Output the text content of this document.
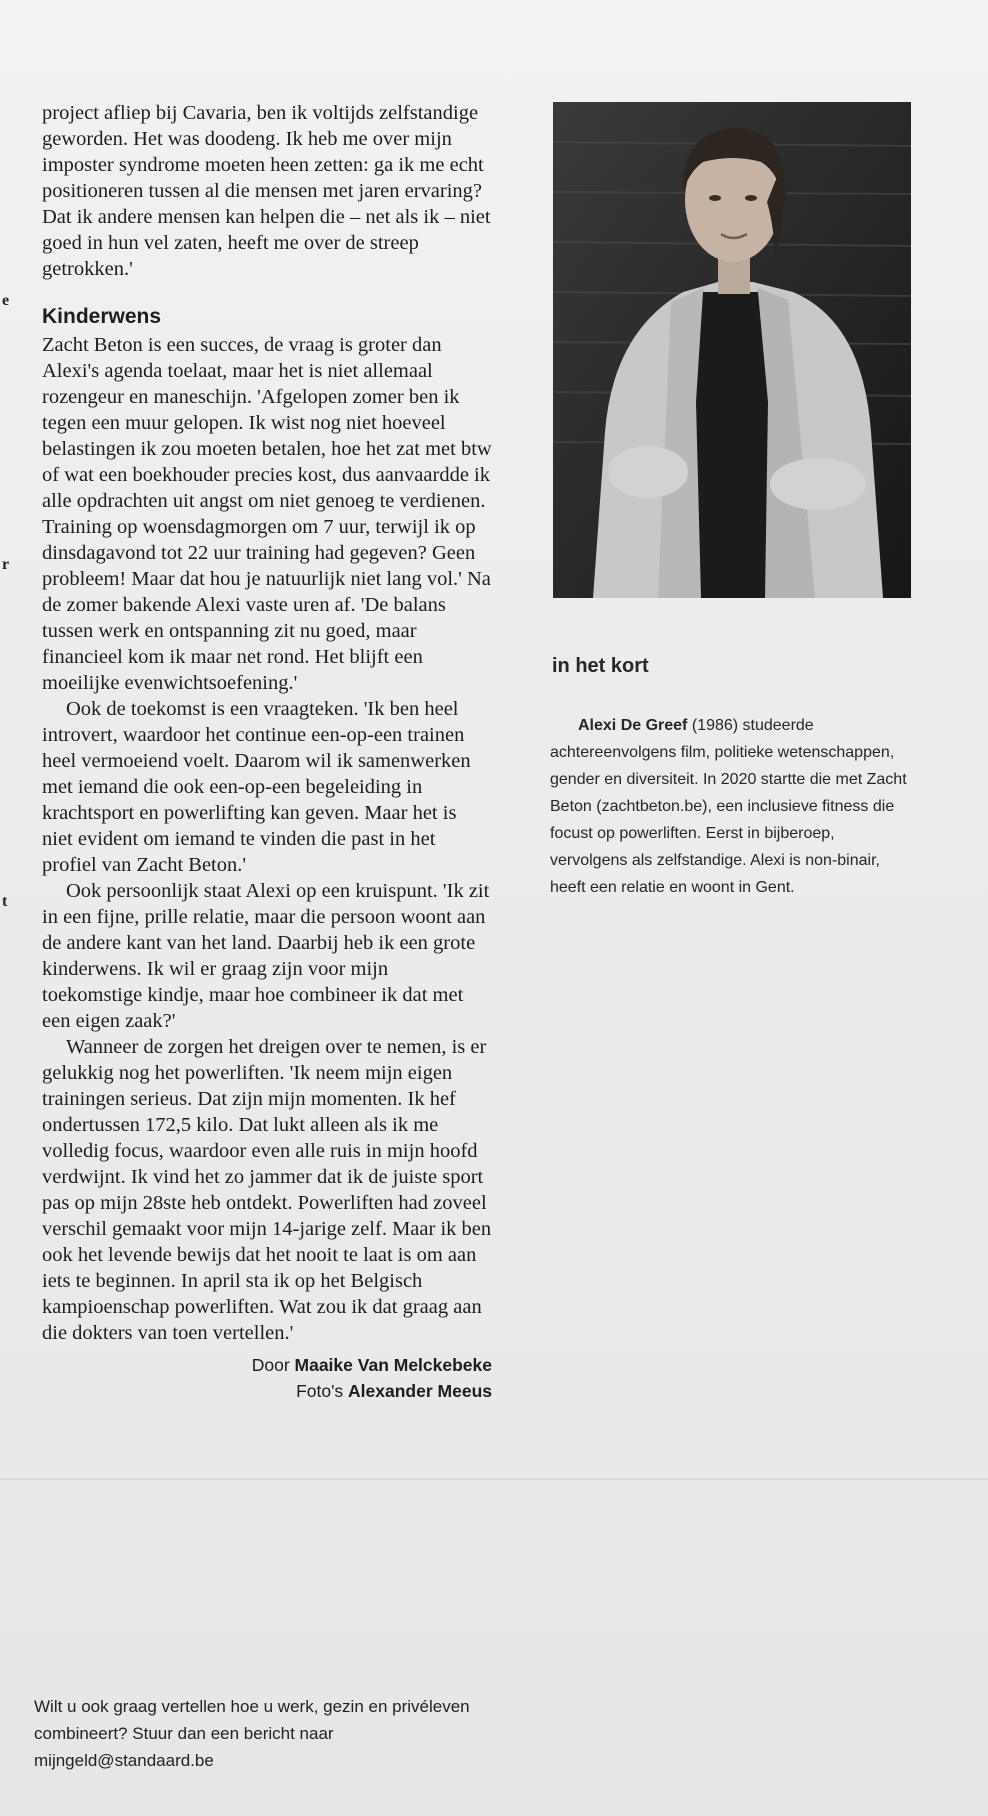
e
r
t

project afliep bij Cavaria, ben ik voltijds zelfstandige geworden. Het was doodeng. Ik heb me over mijn imposter syndrome moeten heen zetten: ga ik me echt positioneren tussen al die mensen met jaren ervaring? Dat ik andere mensen kan helpen die – net als ik – niet goed in hun vel zaten, heeft me over de streep getrokken.'

Kinderwens

Zacht Beton is een succes, de vraag is groter dan Alexi's agenda toelaat, maar het is niet allemaal rozengeur en maneschijn. 'Afgelopen zomer ben ik tegen een muur gelopen. Ik wist nog niet hoeveel belastingen ik zou moeten betalen, hoe het zat met btw of wat een boekhouder precies kost, dus aanvaardde ik alle opdrachten uit angst om niet genoeg te verdienen. Training op woensdagmorgen om 7 uur, terwijl ik op dinsdagavond tot 22 uur training had gegeven? Geen probleem! Maar dat hou je natuurlijk niet lang vol.' Na de zomer bakende Alexi vaste uren af. 'De balans tussen werk en ontspanning zit nu goed, maar financieel kom ik maar net rond. Het blijft een moeilijke evenwichtsoefening.'

Ook de toekomst is een vraagteken. 'Ik ben heel introvert, waardoor het continue een-op-een trainen heel vermoeiend voelt. Daarom wil ik samenwerken met iemand die ook een-op-een begeleiding in krachtsport en powerlifting kan geven. Maar het is niet evident om iemand te vinden die past in het profiel van Zacht Beton.'

Ook persoonlijk staat Alexi op een kruispunt. 'Ik zit in een fijne, prille relatie, maar die persoon woont aan de andere kant van het land. Daarbij heb ik een grote kinderwens. Ik wil er graag zijn voor mijn toekomstige kindje, maar hoe combineer ik dat met een eigen zaak?'

Wanneer de zorgen het dreigen over te nemen, is er gelukkig nog het powerliften. 'Ik neem mijn eigen trainingen serieus. Dat zijn mijn momenten. Ik hef ondertussen 172,5 kilo. Dat lukt alleen als ik me volledig focus, waardoor even alle ruis in mijn hoofd verdwijnt. Ik vind het zo jammer dat ik de juiste sport pas op mijn 28ste heb ontdekt. Powerliften had zoveel verschil gemaakt voor mijn 14-jarige zelf. Maar ik ben ook het levende bewijs dat het nooit te laat is om aan iets te beginnen. In april sta ik op het Belgisch kampioenschap powerliften. Wat zou ik dat graag aan die dokters van toen vertellen.'

Door Maaike Van Melckebeke
Foto's Alexander Meeus
Wilt u ook graag vertellen hoe u werk, gezin en privéleven combineert? Stuur dan een bericht naar mijngeld@standaard.be
in het kort
Alexi De Greef (1986) studeerde achtereenvolgens film, politieke wetenschappen, gender en diversiteit. In 2020 startte die met Zacht Beton (zachtbeton.be), een inclusieve fitness die focust op powerliften. Eerst in bijberoep, vervolgens als zelfstandige. Alexi is non-binair, heeft een relatie en woont in Gent.
